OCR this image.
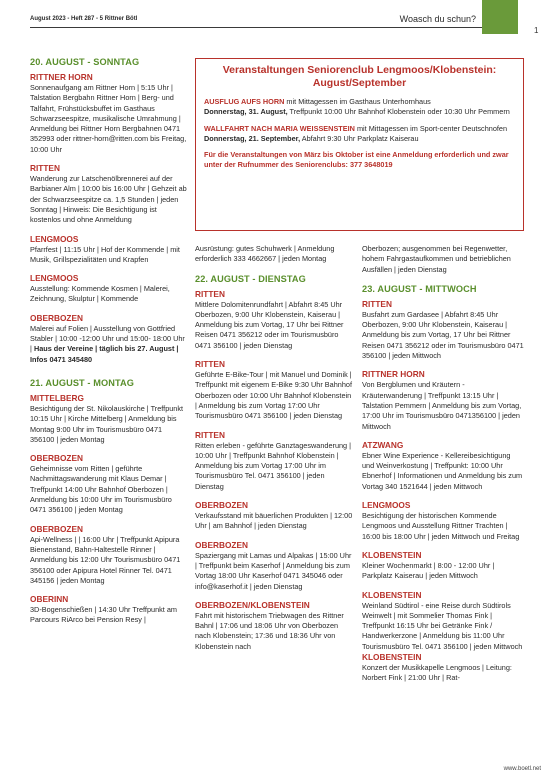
August 2023 - Heft 287 - 5 Rittner Bötl	Woasch du schun?
1
20. AUGUST - SONNTAG
RITTNER HORN
Sonnenaufgang am Rittner Horn | 5:15 Uhr | Talstation Bergbahn Rittner Horn | Berg- und Talfahrt, Frühstücksbuffet im Gasthaus Schwarzseespitze, musikalische Umrahmung | Anmeldung bei Rittner Horn Bergbahnen 0471 352993 oder rittner-horn@ritten.com bis Freitag, 10:00 Uhr
RITTEN
Wanderung zur Latschenölbrennerei auf der Barbianer Alm | 10:00 bis 16:00 Uhr | Gehzeit ab der Schwarzseespitze ca. 1,5 Stunden | jeden Sonntag | Hinweis: Die Besichtigung ist kostenlos und ohne Anmeldung
LENGMOOS
Pfarrfest | 11:15 Uhr | Hof der Kommende | mit Musik, Grillspezialitäten und Krapfen
LENGMOOS
Ausstellung: Kommende Kosmen | Malerei, Zeichnung, Skulptur | Kommende
OBERBOZEN
Malerei auf Folien | Ausstellung von Gottfried Stabler | 10:00 -12:00 Uhr und 15:00- 18:00 Uhr | Haus der Vereine | täglich bis 27. August | Infos 0471 345480
21. AUGUST - MONTAG
MITTELBERG
Besichtigung der St. Nikolauskirche | Treffpunkt 10:15 Uhr | Kirche Mittelberg | Anmeldung bis Montag 9:00 Uhr im Tourismusbüro 0471 356100 | jeden Montag
OBERBOZEN
Geheimnisse vom Ritten | geführte Nachmittagswanderung mit Klaus Demar | Treffpunkt 14:00 Uhr Bahnhof Oberbozen | Anmeldung bis 10:00 Uhr im Tourismusbüro 0471 356100 | jeden Montag
OBERBOZEN
Api-Wellness | | 16:00 Uhr | Treffpunkt Apipura Bienenstand, Bahn-Haltestelle Rinner | Anmeldung bis 12:00 Uhr Tourismusbüro 0471 356100 oder Apipura Hotel Rinner Tel. 0471 345156 | jeden Montag
OBERINN
3D-Bogenschießen | 14:30 Uhr Treffpunkt am Parcours RiArco bei Pension Resy |
Veranstaltungen Seniorenclub Lengmoos/Klobenstein:
August/September

AUSFLUG AUFS HORN mit Mittagessen im Gasthaus Unterhornhaus
Donnerstag, 31. August, Treffpunkt 10:00 Uhr Bahnhof Klobenstein oder 10:30 Uhr Pemmern

WALLFAHRT NACH MARIA WEISSENSTEIN mit Mittagessen im Sport-center Deutschnofen
Donnerstag, 21. September, Abfahrt 9:30 Uhr Parkplatz Kaiserau

Für die Veranstaltungen von März bis Oktober ist eine Anmeldung erforderlich und zwar unter der Rufnummer des Seniorenclubs: 377 3648019

Ausrüstung: gutes Schuhwerk | Anmeldung erforderlich 333 4662667 | jeden Montag
22. AUGUST - DIENSTAG
RITTEN
Mittlere Dolomitenrundfahrt | Abfahrt 8:45 Uhr Oberbozen, 9:00 Uhr Klobenstein, Kaiserau | Anmeldung bis zum Vortag, 17 Uhr bei Rittner Reisen 0471 356212 oder im Tourismusbüro 0471 356100 | jeden Dienstag
RITTEN
Geführte E-Bike-Tour | mit Manuel und Dominik | Treffpunkt mit eigenem E-Bike 9:30 Uhr Bahnhof Oberbozen oder 10:00 Uhr Bahnhof Klobenstein | Anmeldung bis zum Vortag 17:00 Uhr Tourismusbüro 0471 356100 | jeden Dienstag
RITTEN
Ritten erleben - geführte Ganztageswanderung | 10:00 Uhr | Treffpunkt Bahnhof Klobenstein | Anmeldung bis zum Vortag 17:00 Uhr im Tourismusbüro Tel. 0471 356100 | jeden Dienstag
OBERBOZEN
Verkaufsstand mit bäuerlichen Produkten | 12:00 Uhr | am Bahnhof | jeden Dienstag
OBERBOZEN
Spaziergang mit Lamas und Alpakas | 15:00 Uhr | Treffpunkt beim Kaserhof | Anmeldung bis zum Vortag 18:00 Uhr Kaserhof 0471 345046 oder info@kaserhof.it | jeden Dienstag
OBERBOZEN/KLOBENSTEIN
Fahrt mit historischem Triebwagen des Rittner Bahnl | 17:06 und 18:06 Uhr von Oberbozen nach Klobenstein; 17:36 und 18:36 Uhr von Klobenstein nach
Oberbozen; ausgenommen bei Regenwetter, hohem Fahrgastaufkommen und betrieblichen Ausfällen | jeden Dienstag
23. AUGUST - MITTWOCH
RITTEN
Busfahrt zum Gardasee | Abfahrt 8:45 Uhr Oberbozen, 9:00 Uhr Klobenstein, Kaiserau | Anmeldung bis zum Vortag, 17 Uhr bei Rittner Reisen 0471 356212 oder im Tourismusbüro 0471 356100 | jeden Mittwoch
RITTNER HORN
Von Bergblumen und Kräutern - Kräuterwanderung | Treffpunkt 13:15 Uhr | Talstation Pemmern | Anmeldung bis zum Vortag, 17:00 Uhr im Tourismusbüro 0471356100 | jeden Mittwoch
ATZWANG
Ebner Wine Experience - Kellereibesichtigung und Weinverkostung | Treffpunkt: 10:00 Uhr Ebnerhof | Informationen und Anmeldung bis zum Vortag 340 1521644 | jeden Mittwoch
LENGMOOS
Besichtigung der historischen Kommende Lengmoos und Ausstellung Rittner Trachten | 16:00 bis 18:00 Uhr | jeden Mittwoch und Freitag
KLOBENSTEIN
Kleiner Wochenmarkt | 8:00 - 12:00 Uhr | Parkplatz Kaiserau | jeden Mittwoch
KLOBENSTEIN
Weinland Südtirol - eine Reise durch Südtirols Weinwelt | mit Sommelier Thomas Fink | Treffpunkt 16:15 Uhr bei Getränke Fink / Handwerkerzone | Anmeldung bis 11:00 Uhr Tourismusbüro Tel. 0471 356100 | jeden Mittwoch
KLOBENSTEIN
Konzert der Musikkapelle Lengmoos | Leitung: Norbert Fink | 21:00 Uhr | Rat-
www.boetl.net
